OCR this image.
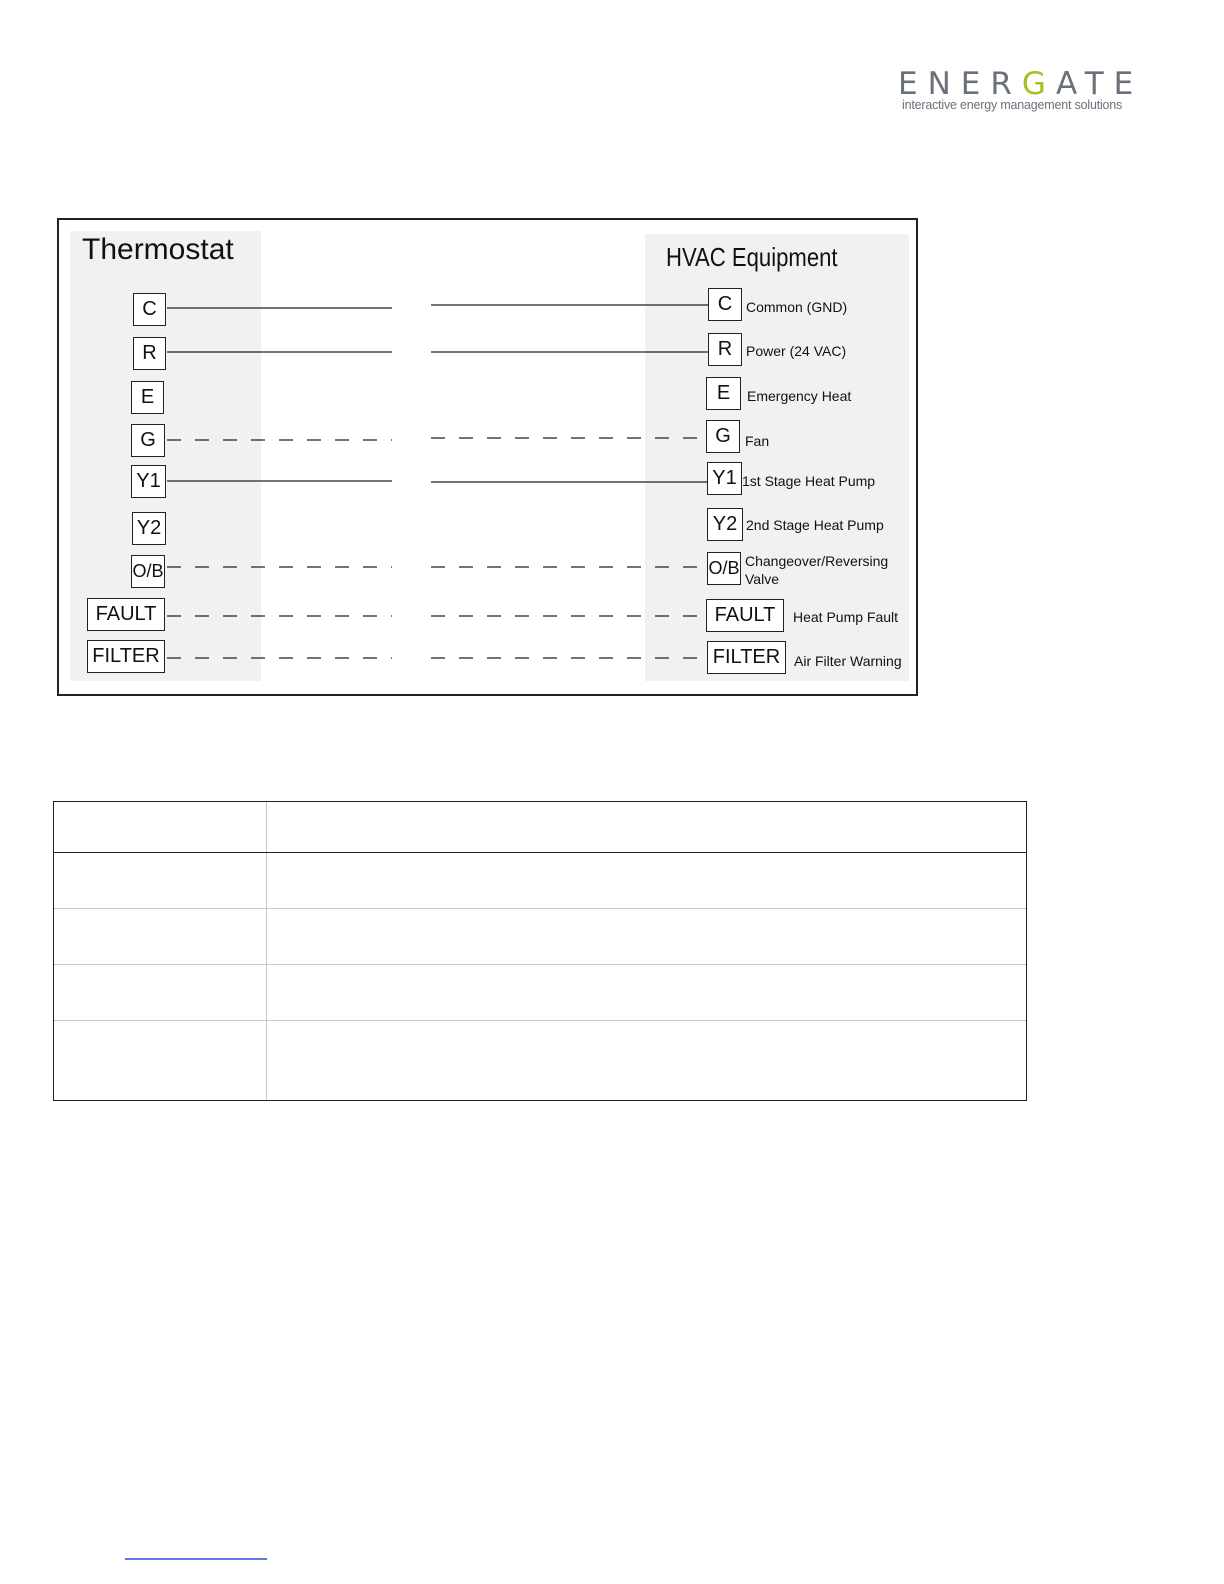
ENERGATE
interactive energy management solutions
Thermostat	HVAC Equipment
C
R
E
G
Y1
Y2
O/B
FAULT
FILTER
C
R
E
G
Y1
Y2
O/B
FAULT
FILTER
Common (GND)
Power (24 VAC)
Emergency Heat
Fan
1st Stage Heat Pump
2nd Stage Heat Pump
Changeover/Reversing Valve
Heat Pump Fault
Air Filter Warning
